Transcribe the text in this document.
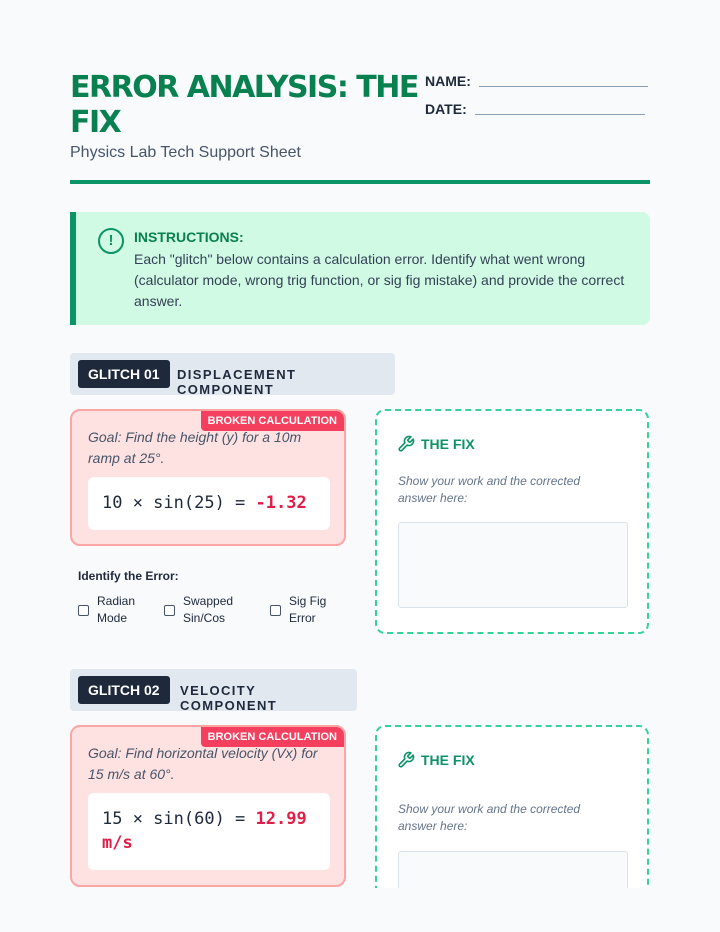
ERROR ANALYSIS: THE FIX
Physics Lab Tech Support Sheet
NAME:
DATE:
!	INSTRUCTIONS:
Each "glitch" below contains a calculation error. Identify what went wrong (calculator mode, wrong trig function, or sig fig mistake) and provide the correct answer.
GLITCH 01	DISPLACEMENT COMPONENT
BROKEN CALCULATION
Goal: Find the height (y) for a 10m ramp at 25°.
10 × sin(25) = -1.32
Identify the Error:
Radian Mode
Swapped Sin/Cos
Sig Fig Error
THE FIX
Show your work and the corrected answer here:
GLITCH 02	VELOCITY COMPONENT
BROKEN CALCULATION
Goal: Find horizontal velocity (Vx) for 15 m/s at 60°.
15 × sin(60) = 12.99 m/s
THE FIX
Show your work and the corrected answer here:
